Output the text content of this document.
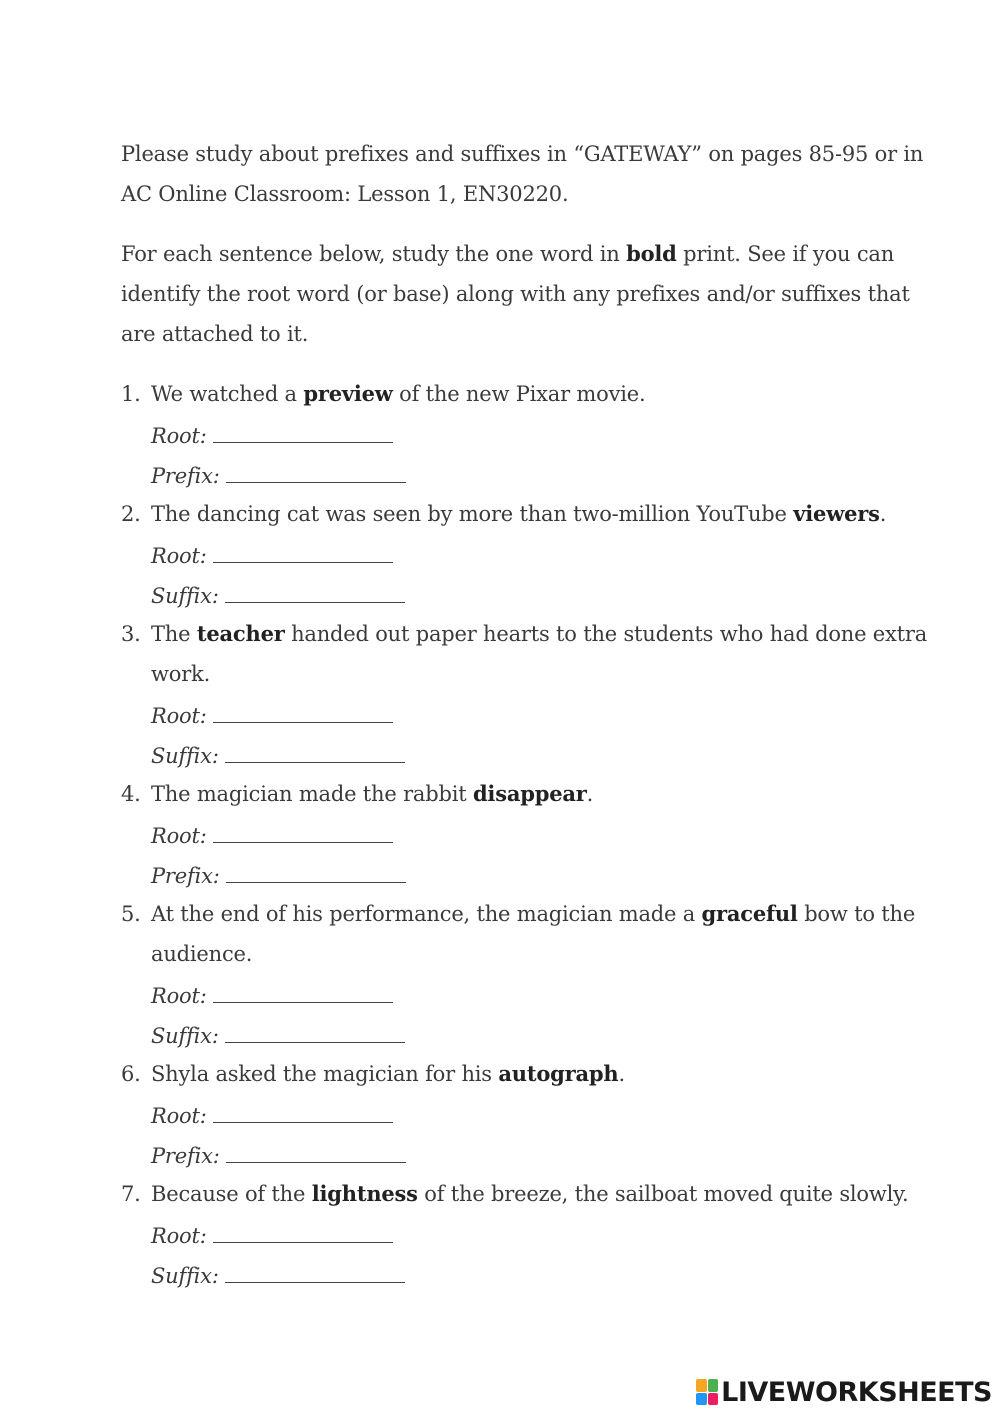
Please study about prefixes and suffixes in “GATEWAY” on pages 85-95 or in AC Online Classroom: Lesson 1, EN30220.

For each sentence below, study the one word in bold print. See if you can identify the root word (or base) along with any prefixes and/or suffixes that are attached to it.

1. We watched a preview of the new Pixar movie.
Root:
Prefix:
2. The dancing cat was seen by more than two-million YouTube viewers.
Root:
Suffix:
3. The teacher handed out paper hearts to the students who had done extra work.
Root:
Suffix:
4. The magician made the rabbit disappear.
Root:
Prefix:
5. At the end of his performance, the magician made a graceful bow to the audience.
Root:
Suffix:
6. Shyla asked the magician for his autograph.
Root:
Prefix:
7. Because of the lightness of the breeze, the sailboat moved quite slowly.
Root:
Suffix:
LIVEWORKSHEETS
